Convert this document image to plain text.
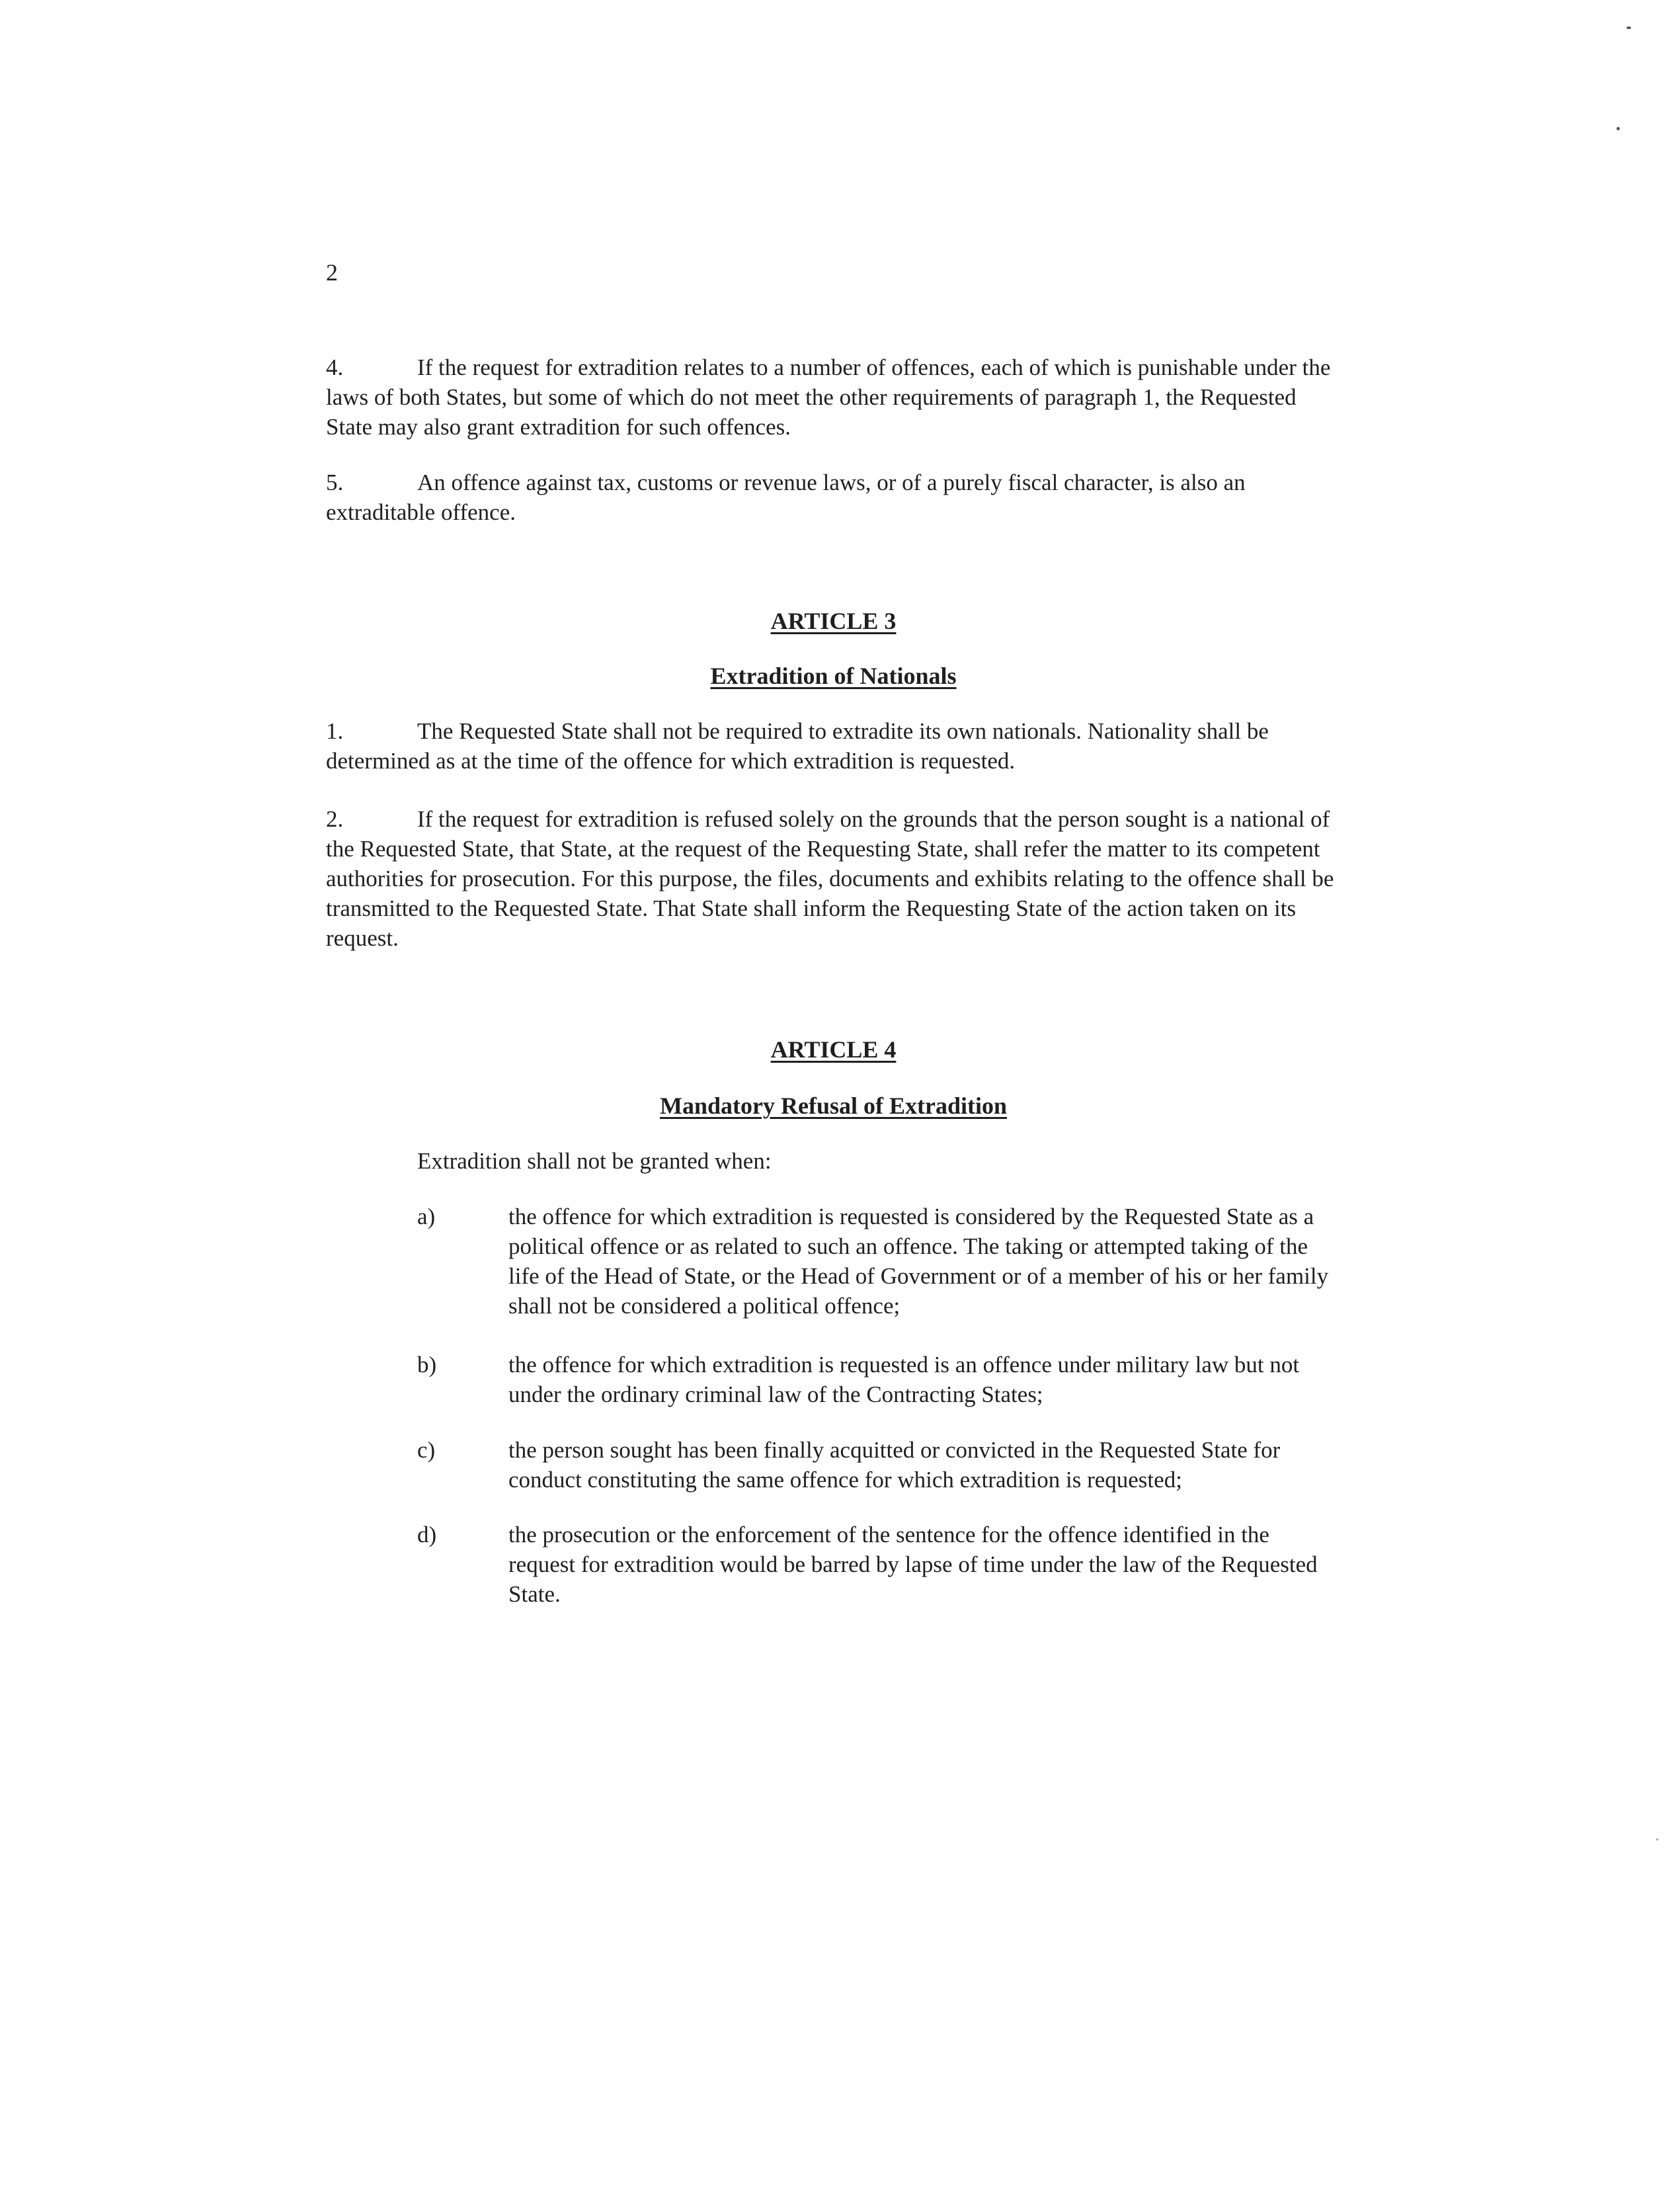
2

4.	If the request for extradition relates to a number of offences, each of which is punishable under the laws of both States, but some of which do not meet the other requirements of paragraph 1, the Requested State may also grant extradition for such offences.

5.	An offence against tax, customs or revenue laws, or of a purely fiscal character, is also an extraditable offence.

ARTICLE 3
Extradition of Nationals

1.	The Requested State shall not be required to extradite its own nationals. Nationality shall be determined as at the time of the offence for which extradition is requested.

2.	If the request for extradition is refused solely on the grounds that the person sought is a national of the Requested State, that State, at the request of the Requesting State, shall refer the matter to its competent authorities for prosecution. For this purpose, the files, documents and exhibits relating to the offence shall be transmitted to the Requested State. That State shall inform the Requesting State of the action taken on its request.

ARTICLE 4
Mandatory Refusal of Extradition

Extradition shall not be granted when:

a)	the offence for which extradition is requested is considered by the Requested State as a political offence or as related to such an offence. The taking or attempted taking of the life of the Head of State, or the Head of Government or of a member of his or her family shall not be considered a political offence;
b)	the offence for which extradition is requested is an offence under military law but not under the ordinary criminal law of the Contracting States;
c)	the person sought has been finally acquitted or convicted in the Requested State for conduct constituting the same offence for which extradition is requested;
d)	the prosecution or the enforcement of the sentence for the offence identified in the request for extradition would be barred by lapse of time under the law of the Requested State.
